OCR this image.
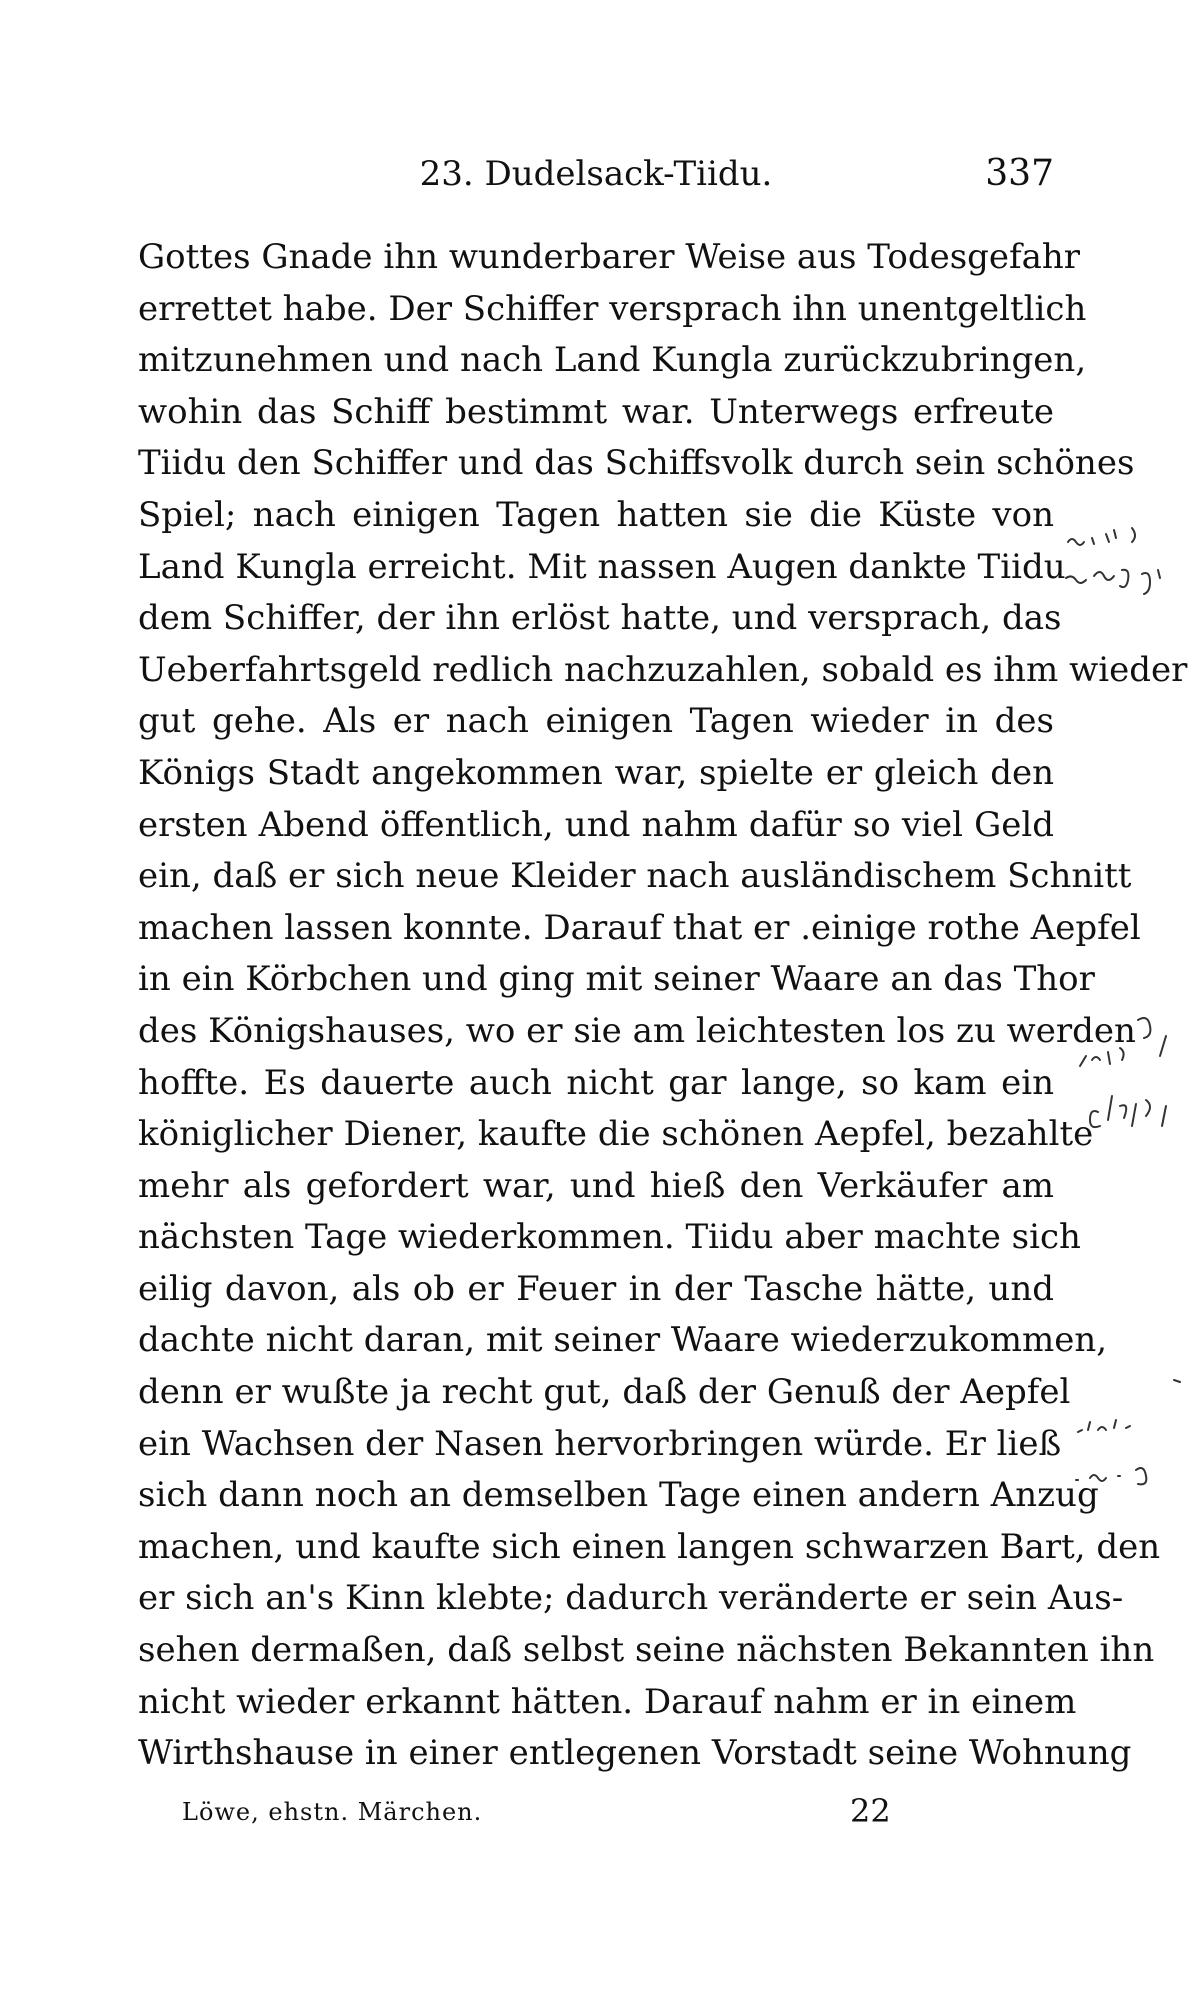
23. Dudelsack-Tiidu.	337
Gottes Gnade ihn wunderbarer Weise aus Todesgefahr
errettet habe. Der Schiffer versprach ihn unentgeltlich
mitzunehmen und nach Land Kungla zurückzubringen,
wohin das Schiff bestimmt war. Unterwegs erfreute
Tiidu den Schiffer und das Schiffsvolk durch sein schönes
Spiel; nach einigen Tagen hatten sie die Küste von
Land Kungla erreicht. Mit nassen Augen dankte Tiidu
dem Schiffer, der ihn erlöst hatte, und versprach, das
Ueberfahrtsgeld redlich nachzuzahlen, sobald es ihm wieder
gut gehe. Als er nach einigen Tagen wieder in des
Königs Stadt angekommen war, spielte er gleich den
ersten Abend öffentlich, und nahm dafür so viel Geld
ein, daß er sich neue Kleider nach ausländischem Schnitt
machen lassen konnte. Darauf that er .einige rothe Aepfel
in ein Körbchen und ging mit seiner Waare an das Thor
des Königshauses, wo er sie am leichtesten los zu werden
hoffte. Es dauerte auch nicht gar lange, so kam ein
königlicher Diener, kaufte die schönen Aepfel, bezahlte
mehr als gefordert war, und hieß den Verkäufer am
nächsten Tage wiederkommen. Tiidu aber machte sich
eilig davon, als ob er Feuer in der Tasche hätte, und
dachte nicht daran, mit seiner Waare wiederzukommen,
denn er wußte ja recht gut, daß der Genuß der Aepfel
ein Wachsen der Nasen hervorbringen würde. Er ließ
sich dann noch an demselben Tage einen andern Anzug
machen, und kaufte sich einen langen schwarzen Bart, den
er sich an's Kinn klebte; dadurch veränderte er sein Aus-
sehen dermaßen, daß selbst seine nächsten Bekannten ihn
nicht wieder erkannt hätten. Darauf nahm er in einem
Wirthshause in einer entlegenen Vorstadt seine Wohnung
Löwe, ehstn. Märchen.	22
